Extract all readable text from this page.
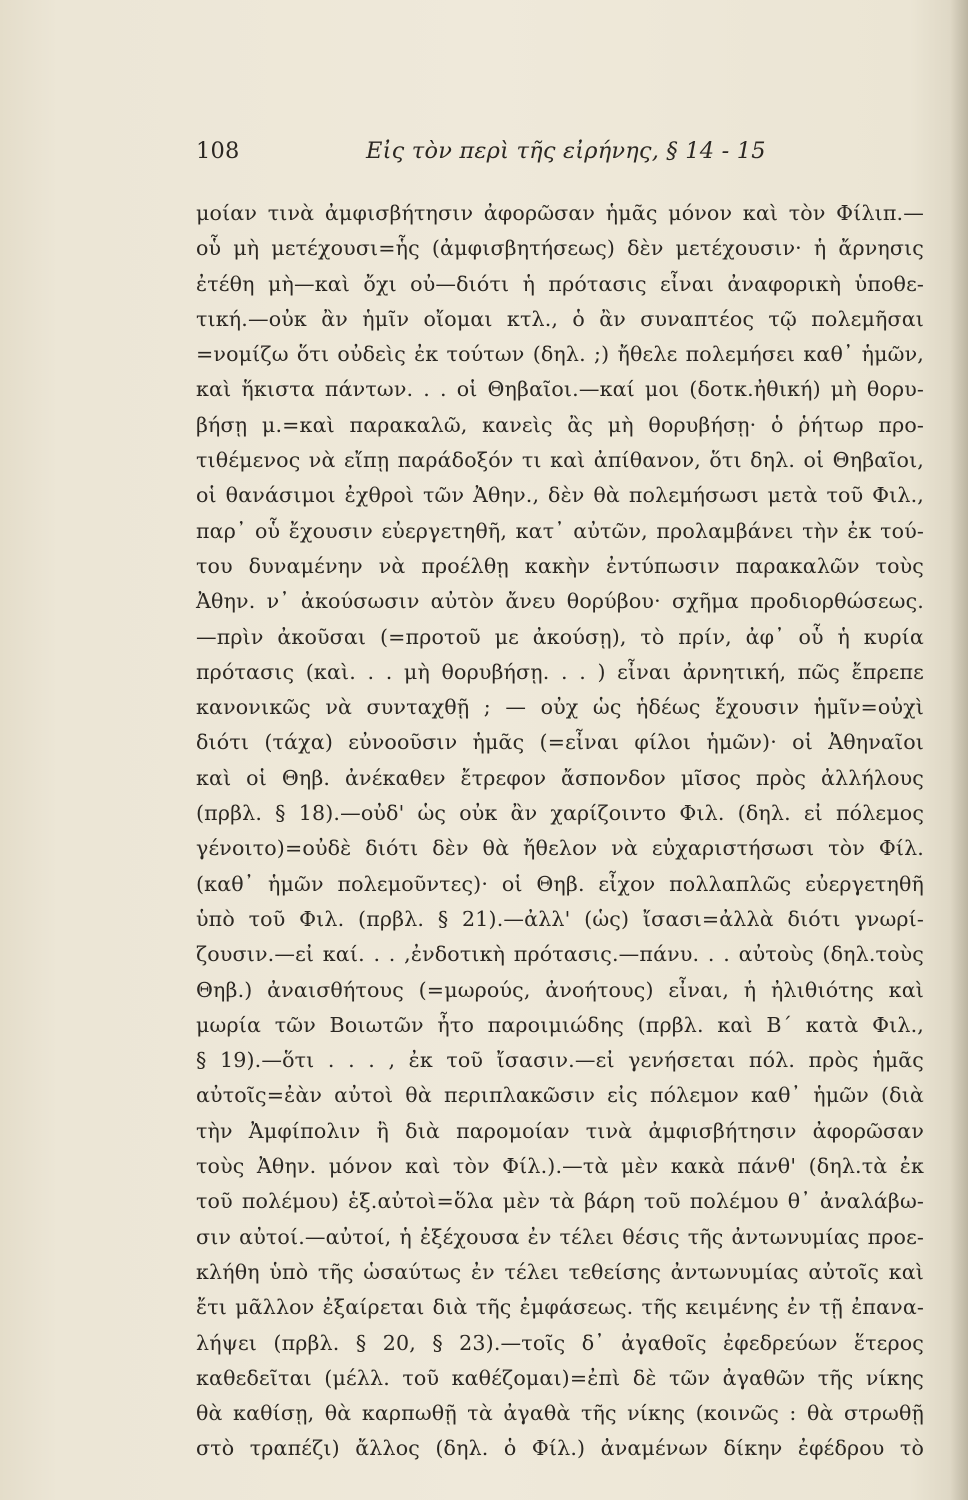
108	Εἰς τὸν περὶ τῆς εἰρήνης, § 14 - 15
μοίαν τινὰ ἀμφισβήτησιν ἀφορῶσαν ἡμᾶς μόνον καὶ τὸν Φίλιπ.—
οὗ μὴ μετέχουσι=ἧς (ἀμφισβητήσεως) δὲν μετέχουσιν· ἡ ἄρνησις
ἐτέθη μὴ—καὶ ὄχι οὐ—διότι ἡ πρότασις εἶναι ἀναφορικὴ ὑποθε-
τική.—οὐκ ἂν ἡμῖν οἴομαι κτλ., ὁ ἂν συναπτέος τῷ πολεμῆσαι
=νομίζω ὅτι οὐδεὶς ἐκ τούτων (δηλ. ;) ἤθελε πολεμήσει καθ᾽ ἡμῶν,
καὶ ἥκιστα πάντων. . . οἱ Θηβαῖοι.—καί μοι (δοτκ.ἠθική) μὴ θορυ-
βήσῃ μ.=καὶ παρακαλῶ, κανεὶς ἂς μὴ θορυβήσῃ· ὁ ῥήτωρ προ-
τιθέμενος νὰ εἴπῃ παράδοξόν τι καὶ ἀπίθανον, ὅτι δηλ. οἱ Θηβαῖοι,
οἱ θανάσιμοι ἐχθροὶ τῶν Ἀθην., δὲν θὰ πολεμήσωσι μετὰ τοῦ Φιλ.,
παρ᾽ οὗ ἔχουσιν εὐεργετηθῆ, κατ᾽ αὐτῶν, προλαμβάνει τὴν ἐκ τού-
του δυναμένην νὰ προέλθῃ κακὴν ἐντύπωσιν παρακαλῶν τοὺς
Ἀθην. ν᾽ ἀκούσωσιν αὐτὸν ἄνευ θορύβου· σχῆμα προδιορθώσεως.
—πρὶν ἀκοῦσαι (=προτοῦ με ἀκούσῃ), τὸ πρίν, ἀφ᾽ οὗ ἡ κυρία
πρότασις (καὶ. . . μὴ θορυβήσῃ. . . ) εἶναι ἀρνητική, πῶς ἔπρεπε
κανονικῶς νὰ συνταχθῇ ; — οὐχ ὡς ἡδέως ἔχουσιν ἡμῖν=οὐχὶ
διότι (τάχα) εὐνοοῦσιν ἡμᾶς (=εἶναι φίλοι ἡμῶν)· οἱ Ἀθηναῖοι
καὶ οἱ Θηβ. ἀνέκαθεν ἔτρεφον ἄσπονδον μῖσος πρὸς ἀλλήλους
(πρβλ. § 18).—οὐδ' ὡς οὐκ ἂν χαρίζοιντο Φιλ. (δηλ. εἰ πόλεμος
γένοιτο)=οὐδὲ διότι δὲν θὰ ἤθελον νὰ εὐχαριστήσωσι τὸν Φίλ.
(καθ᾽ ἡμῶν πολεμοῦντες)· οἱ Θηβ. εἶχον πολλαπλῶς εὐεργετηθῆ
ὑπὸ τοῦ Φιλ. (πρβλ. § 21).—ἀλλ' (ὡς) ἴσασι=ἀλλὰ διότι γνωρί-
ζουσιν.—εἰ καί. . . ,ἐνδοτικὴ πρότασις.—πάνυ. . . αὐτοὺς (δηλ.τοὺς
Θηβ.) ἀναισθήτους (=μωρούς, ἀνοήτους) εἶναι, ἡ ἠλιθιότης καὶ
μωρία τῶν Βοιωτῶν ἦτο παροιμιώδης (πρβλ. καὶ Β΄ κατὰ Φιλ.,
§ 19).—ὅτι . . . , ἐκ τοῦ ἴσασιν.—εἰ γενήσεται πόλ. πρὸς ἡμᾶς
αὐτοῖς=ἐὰν αὐτοὶ θὰ περιπλακῶσιν εἰς πόλεμον καθ᾽ ἡμῶν (διὰ
τὴν Ἀμφίπολιν ἢ διὰ παρομοίαν τινὰ ἀμφισβήτησιν ἀφορῶσαν
τοὺς Ἀθην. μόνον καὶ τὸν Φίλ.).—τὰ μὲν κακὰ πάνθ' (δηλ.τὰ ἐκ
τοῦ πολέμου) ἑξ.αὐτοὶ=ὅλα μὲν τὰ βάρη τοῦ πολέμου θ᾽ ἀναλάβω-
σιν αὐτοί.—αὐτοί, ἡ ἐξέχουσα ἐν τέλει θέσις τῆς ἀντωνυμίας προε-
κλήθη ὑπὸ τῆς ὡσαύτως ἐν τέλει τεθείσης ἀντωνυμίας αὐτοῖς καὶ
ἔτι μᾶλλον ἐξαίρεται διὰ τῆς ἐμφάσεως. τῆς κειμένης ἐν τῇ ἐπανα-
λήψει (πρβλ. § 20, § 23).—τοῖς δ᾽ ἀγαθοῖς ἐφεδρεύων ἕτερος
καθεδεῖται (μέλλ. τοῦ καθέζομαι)=ἐπὶ δὲ τῶν ἀγαθῶν τῆς νίκης
θὰ καθίσῃ, θὰ καρπωθῇ τὰ ἀγαθὰ τῆς νίκης (κοινῶς : θὰ στρωθῇ
στὸ τραπέζι) ἄλλος (δηλ. ὁ Φίλ.) ἀναμένων δίκην ἐφέδρου τὸ
